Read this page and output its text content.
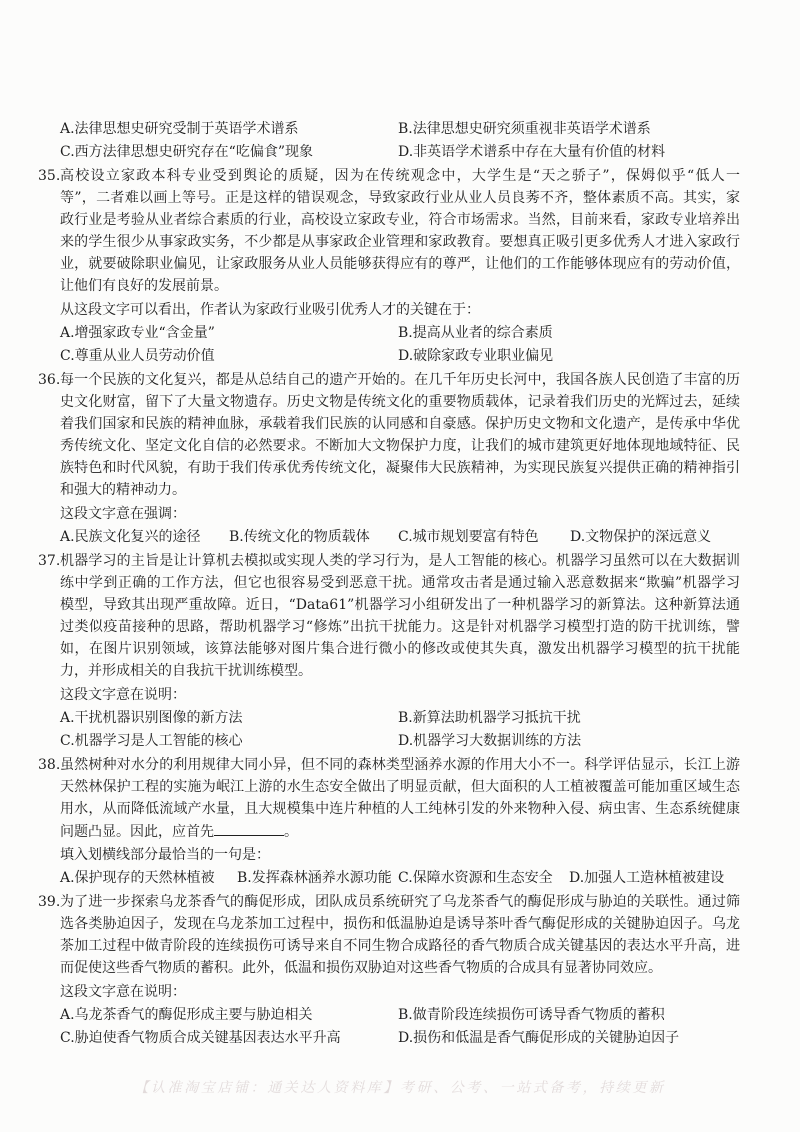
A.法律思想史研究受制于英语学术谱系	B.法律思想史研究须重视非英语学术谱系
C.西方法律思想史研究存在“吃偏食”现象	D.非英语学术谱系中存在大量有价值的材料
35. 高校设立家政本科专业受到舆论的质疑，因为在传统观念中，大学生是“天之骄子”，保姆似乎“低人一
等”，二者难以画上等号。正是这样的错误观念，导致家政行业从业人员良莠不齐，整体素质不高。其实，家
政行业是考验从业者综合素质的行业，高校设立家政专业，符合市场需求。当然，目前来看，家政专业培养出
来的学生很少从事家政实务，不少都是从事家政企业管理和家政教育。要想真正吸引更多优秀人才进入家政行
业，就要破除职业偏见，让家政服务从业人员能够获得应有的尊严，让他们的工作能够体现应有的劳动价值，
让他们有良好的发展前景。
从这段文字可以看出，作者认为家政行业吸引优秀人才的关键在于：
A.增强家政专业“含金量”	B.提高从业者的综合素质
C.尊重从业人员劳动价值	D.破除家政专业职业偏见
36. 每一个民族的文化复兴，都是从总结自己的遗产开始的。在几千年历史长河中，我国各族人民创造了丰富的历
史文化财富，留下了大量文物遗存。历史文物是传统文化的重要物质载体，记录着我们历史的光辉过去，延续
着我们国家和民族的精神血脉，承载着我们民族的认同感和自豪感。保护历史文物和文化遗产，是传承中华优
秀传统文化、坚定文化自信的必然要求。不断加大文物保护力度，让我们的城市建筑更好地体现地域特征、民
族特色和时代风貌，有助于我们传承优秀传统文化，凝聚伟大民族精神，为实现民族复兴提供正确的精神指引
和强大的精神动力。
这段文字意在强调：
A.民族文化复兴的途径 B.传统文化的物质载体 C.城市规划要富有特色 D.文物保护的深远意义
37. 机器学习的主旨是让计算机去模拟或实现人类的学习行为，是人工智能的核心。机器学习虽然可以在大数据训
练中学到正确的工作方法，但它也很容易受到恶意干扰。通常攻击者是通过输入恶意数据来“欺骗”机器学习
模型，导致其出现严重故障。近日，“Data61”机器学习小组研发出了一种机器学习的新算法。这种新算法通
过类似疫苗接种的思路，帮助机器学习“修炼”出抗干扰能力。这是针对机器学习模型打造的防干扰训练，譬
如，在图片识别领域，该算法能够对图片集合进行微小的修改或使其失真，激发出机器学习模型的抗干扰能
力，并形成相关的自我抗干扰训练模型。
这段文字意在说明：
A.干扰机器识别图像的新方法	B.新算法助机器学习抵抗干扰
C.机器学习是人工智能的核心	D.机器学习大数据训练的方法
38. 虽然树种对水分的利用规律大同小异，但不同的森林类型涵养水源的作用大小不一。科学评估显示，长江上游
天然林保护工程的实施为岷江上游的水生态安全做出了明显贡献，但大面积的人工植被覆盖可能加重区域生态
用水，从而降低流域产水量，且大规模集中连片种植的人工纯林引发的外来物种入侵、病虫害、生态系统健康
问题凸显。因此，应首先	。
填入划横线部分最恰当的一句是：
A.保护现存的天然林植被 B.发挥森林涵养水源功能 C.保障水资源和生态安全 D.加强人工造林植被建设
39. 为了进一步探索乌龙茶香气的酶促形成，团队成员系统研究了乌龙茶香气的酶促形成与胁迫的关联性。通过筛
选各类胁迫因子，发现在乌龙茶加工过程中，损伤和低温胁迫是诱导茶叶香气酶促形成的关键胁迫因子。乌龙
茶加工过程中做青阶段的连续损伤可诱导来自不同生物合成路径的香气物质合成关键基因的表达水平升高，进
而促使这些香气物质的蓄积。此外，低温和损伤双胁迫对这些香气物质的合成具有显著协同效应。
这段文字意在说明：
A.乌龙茶香气的酶促形成主要与胁迫相关	B.做青阶段连续损伤可诱导香气物质的蓄积
C.胁迫使香气物质合成关键基因表达水平升高	D.损伤和低温是香气酶促形成的关键胁迫因子
【认准淘宝店铺：通关达人资料库】考研、公考、一站式备考，持续更新
